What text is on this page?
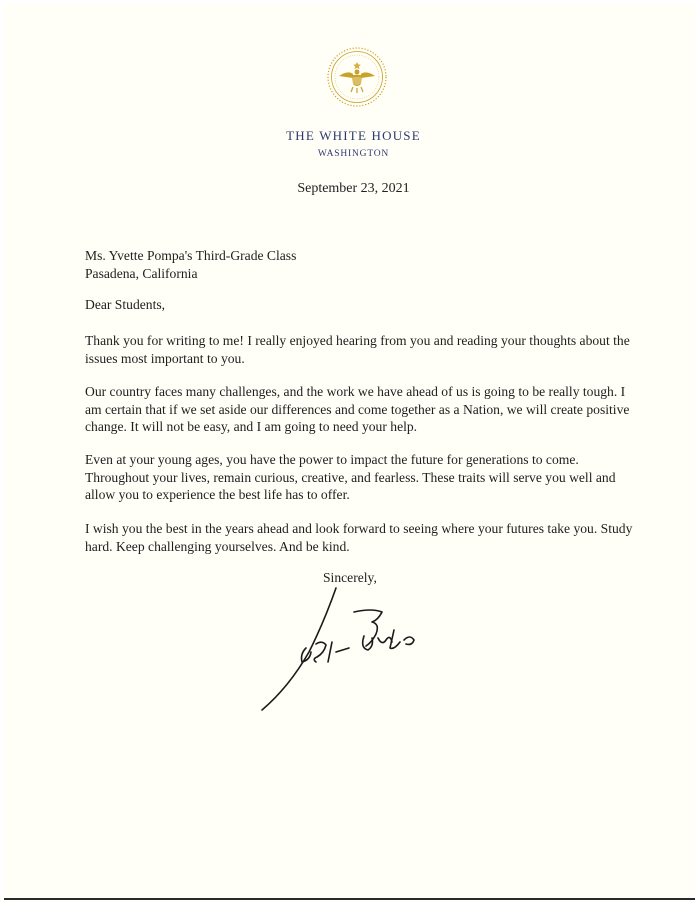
THE WHITE HOUSE
WASHINGTON
September 23, 2021

Ms. Yvette Pompa's Third-Grade Class

Pasadena, California

Dear Students,

Thank you for writing to me! I really enjoyed hearing from you and reading your thoughts about the issues most important to you.

Our country faces many challenges, and the work we have ahead of us is going to be really tough. I am certain that if we set aside our differences and come together as a Nation, we will create positive change. It will not be easy, and I am going to need your help.

Even at your young ages, you have the power to impact the future for generations to come. Throughout your lives, remain curious, creative, and fearless. These traits will serve you well and allow you to experience the best life has to offer.

I wish you the best in the years ahead and look forward to seeing where your futures take you. Study hard. Keep challenging yourselves. And be kind.

Sincerely,
